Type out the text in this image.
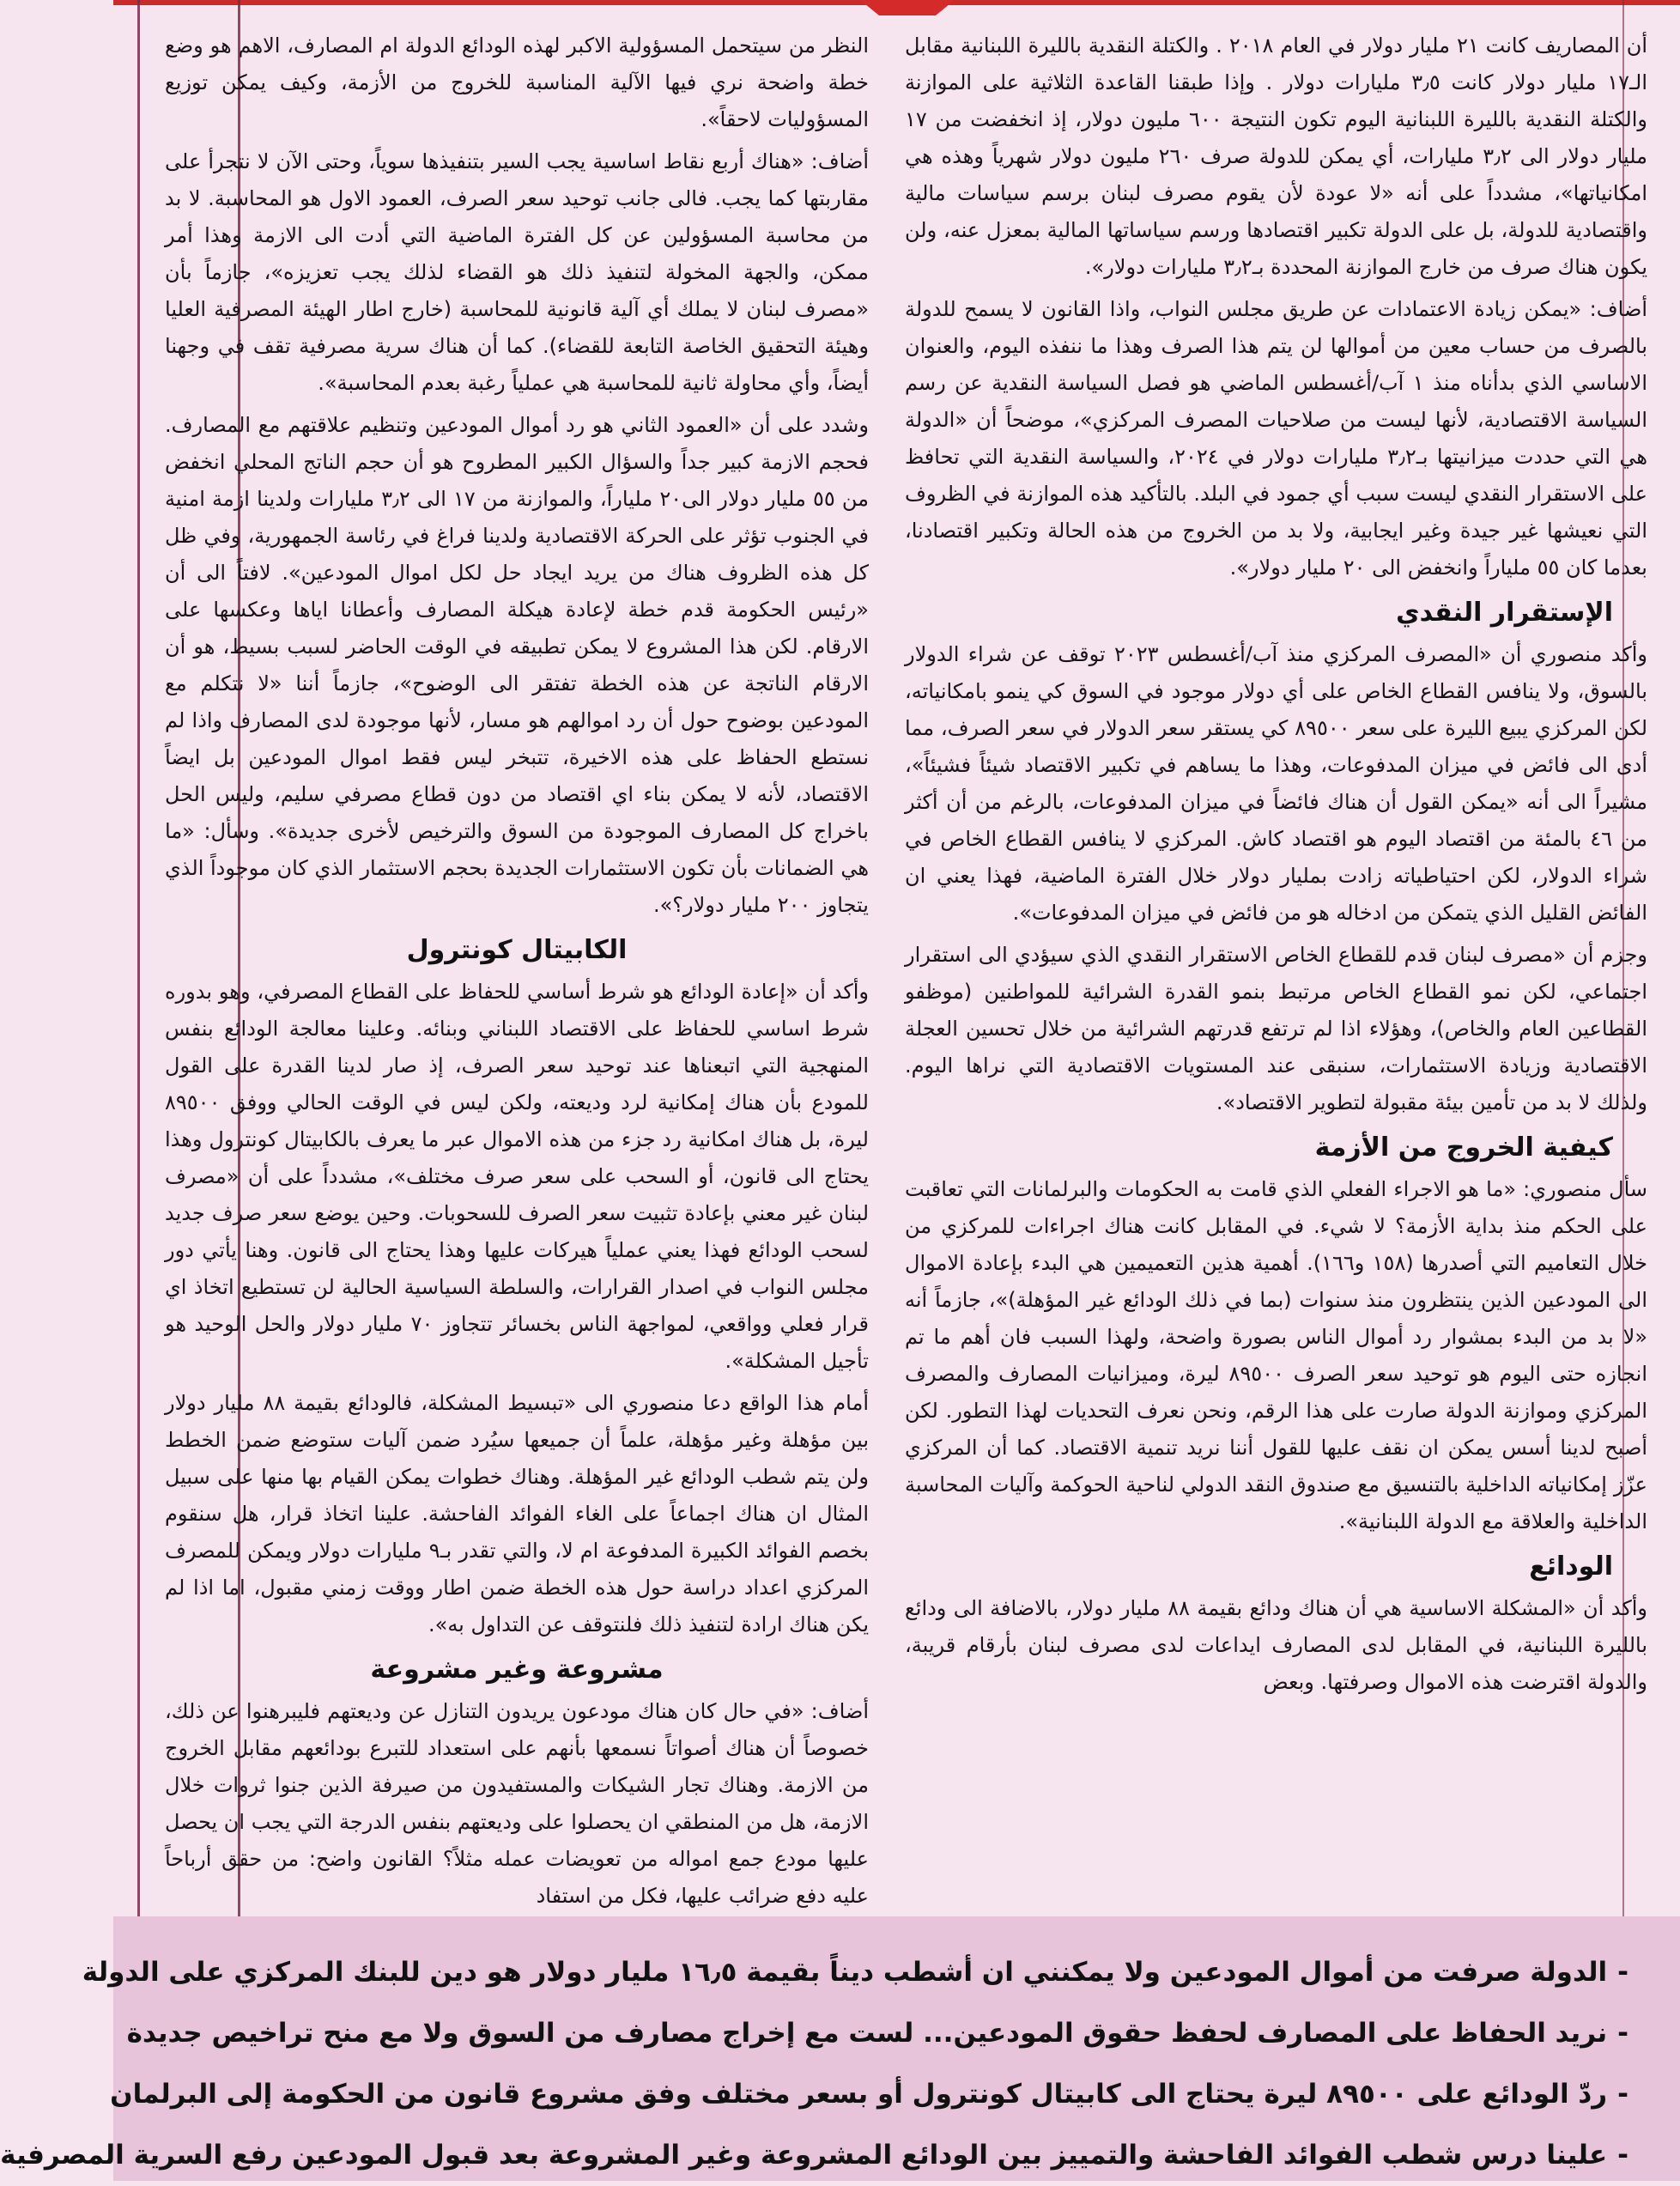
أن المصاريف كانت ٢١ مليار دولار في العام ٢٠١٨ . والكتلة النقدية بالليرة اللبنانية مقابل الـ١٧ مليار دولار كانت ٣٫٥ مليارات دولار . وإذا طبقنا القاعدة الثلاثية على الموازنة والكتلة النقدية بالليرة اللبنانية اليوم تكون النتيجة ٦٠٠ مليون دولار، إذ انخفضت من ١٧ مليار دولار الى ٣٫٢ مليارات، أي يمكن للدولة صرف ٢٦٠ مليون دولار شهرياً وهذه هي امكانياتها»، مشدداً على أنه «لا عودة لأن يقوم مصرف لبنان برسم سياسات مالية واقتصادية للدولة، بل على الدولة تكبير اقتصادها ورسم سياساتها المالية بمعزل عنه، ولن يكون هناك صرف من خارج الموازنة المحددة بـ٣٫٢ مليارات دولار».

أضاف: «يمكن زيادة الاعتمادات عن طريق مجلس النواب، واذا القانون لا يسمح للدولة بالصرف من حساب معين من أموالها لن يتم هذا الصرف وهذا ما ننفذه اليوم، والعنوان الاساسي الذي بدأناه منذ ١ آب/أغسطس الماضي هو فصل السياسة النقدية عن رسم السياسة الاقتصادية، لأنها ليست من صلاحيات المصرف المركزي»، موضحاً أن «الدولة هي التي حددت ميزانيتها بـ٣٫٢ مليارات دولار في ٢٠٢٤، والسياسة النقدية التي تحافظ على الاستقرار النقدي ليست سبب أي جمود في البلد. بالتأكيد هذه الموازنة في الظروف التي نعيشها غير جيدة وغير ايجابية، ولا بد من الخروج من هذه الحالة وتكبير اقتصادنا، بعدما كان ٥٥ ملياراً وانخفض الى ٢٠ مليار دولار».

الإستقرار النقدي

وأكد منصوري أن «المصرف المركزي منذ آب/أغسطس ٢٠٢٣ توقف عن شراء الدولار بالسوق، ولا ينافس القطاع الخاص على أي دولار موجود في السوق كي ينمو بامكانياته، لكن المركزي يبيع الليرة على سعر ٨٩٥٠٠ كي يستقر سعر الدولار في سعر الصرف، مما أدى الى فائض في ميزان المدفوعات، وهذا ما يساهم في تكبير الاقتصاد شيئاً فشيئاً»، مشيراً الى أنه «يمكن القول أن هناك فائضاً في ميزان المدفوعات، بالرغم من أن أكثر من ٤٦ بالمئة من اقتصاد اليوم هو اقتصاد كاش. المركزي لا ينافس القطاع الخاص في شراء الدولار، لكن احتياطياته زادت بمليار دولار خلال الفترة الماضية، فهذا يعني ان الفائض القليل الذي يتمكن من ادخاله هو من فائض في ميزان المدفوعات».

وجزم أن «مصرف لبنان قدم للقطاع الخاص الاستقرار النقدي الذي سيؤدي الى استقرار اجتماعي، لكن نمو القطاع الخاص مرتبط بنمو القدرة الشرائية للمواطنين (موظفو القطاعين العام والخاص)، وهؤلاء اذا لم ترتفع قدرتهم الشرائية من خلال تحسين العجلة الاقتصادية وزيادة الاستثمارات، سنبقى عند المستويات الاقتصادية التي نراها اليوم. ولذلك لا بد من تأمين بيئة مقبولة لتطوير الاقتصاد».

كيفية الخروج من الأزمة

سأل منصوري: «ما هو الاجراء الفعلي الذي قامت به الحكومات والبرلمانات التي تعاقبت على الحكم منذ بداية الأزمة؟ لا شيء. في المقابل كانت هناك اجراءات للمركزي من خلال التعاميم التي أصدرها (١٥٨ و١٦٦). أهمية هذين التعميمين هي البدء بإعادة الاموال الى المودعين الذين ينتظرون منذ سنوات (بما في ذلك الودائع غير المؤهلة)»، جازماً أنه «لا بد من البدء بمشوار رد أموال الناس بصورة واضحة، ولهذا السبب فان أهم ما تم انجازه حتى اليوم هو توحيد سعر الصرف ٨٩٥٠٠ ليرة، وميزانيات المصارف والمصرف المركزي وموازنة الدولة صارت على هذا الرقم، ونحن نعرف التحديات لهذا التطور. لكن أصبح لدينا أسس يمكن ان نقف عليها للقول أننا نريد تنمية الاقتصاد. كما أن المركزي عزّز إمكانياته الداخلية بالتنسيق مع صندوق النقد الدولي لناحية الحوكمة وآليات المحاسبة الداخلية والعلاقة مع الدولة اللبنانية».

الودائع

وأكد أن «المشكلة الاساسية هي أن هناك ودائع بقيمة ٨٨ مليار دولار، بالاضافة الى ودائع بالليرة اللبنانية، في المقابل لدى المصارف ايداعات لدى مصرف لبنان بأرقام قريبة، والدولة اقترضت هذه الاموال وصرفتها. وبعض

النظر من سيتحمل المسؤولية الاكبر لهذه الودائع الدولة ام المصارف، الاهم هو وضع خطة واضحة نري فيها الآلية المناسبة للخروج من الأزمة، وكيف يمكن توزيع المسؤوليات لاحقاً».

أضاف: «هناك أربع نقاط اساسية يجب السير بتنفيذها سوياً، وحتى الآن لا نتجرأ على مقاربتها كما يجب. فالى جانب توحيد سعر الصرف، العمود الاول هو المحاسبة. لا بد من محاسبة المسؤولين عن كل الفترة الماضية التي أدت الى الازمة وهذا أمر ممكن، والجهة المخولة لتنفيذ ذلك هو القضاء لذلك يجب تعزيزه»، جازماً بأن «مصرف لبنان لا يملك أي آلية قانونية للمحاسبة (خارج اطار الهيئة المصرفية العليا وهيئة التحقيق الخاصة التابعة للقضاء). كما أن هناك سرية مصرفية تقف في وجهنا أيضاً، وأي محاولة ثانية للمحاسبة هي عملياً رغبة بعدم المحاسبة».

وشدد على أن «العمود الثاني هو رد أموال المودعين وتنظيم علاقتهم مع المصارف. فحجم الازمة كبير جداً والسؤال الكبير المطروح هو أن حجم الناتج المحلي انخفض من ٥٥ مليار دولار الى٢٠ ملياراً، والموازنة من ١٧ الى ٣٫٢ مليارات ولدينا ازمة امنية في الجنوب تؤثر على الحركة الاقتصادية ولدينا فراغ في رئاسة الجمهورية، وفي ظل كل هذه الظروف هناك من يريد ايجاد حل لكل اموال المودعين». لافتاً الى أن «رئيس الحكومة قدم خطة لإعادة هيكلة المصارف وأعطانا اياها وعكسها على الارقام. لكن هذا المشروع لا يمكن تطبيقه في الوقت الحاضر لسبب بسيط، هو أن الارقام الناتجة عن هذه الخطة تفتقر الى الوضوح»، جازماً أننا «لا نتكلم مع المودعين بوضوح حول أن رد اموالهم هو مسار، لأنها موجودة لدى المصارف واذا لم نستطع الحفاظ على هذه الاخيرة، تتبخر ليس فقط اموال المودعين بل ايضاً الاقتصاد، لأنه لا يمكن بناء اي اقتصاد من دون قطاع مصرفي سليم، وليس الحل باخراج كل المصارف الموجودة من السوق والترخيص لأخرى جديدة». وسأل: «ما هي الضمانات بأن تكون الاستثمارات الجديدة بحجم الاستثمار الذي كان موجوداً الذي يتجاوز ٢٠٠ مليار دولار؟».

الكابيتال كونترول

وأكد أن «إعادة الودائع هو شرط أساسي للحفاظ على القطاع المصرفي، وهو بدوره شرط اساسي للحفاظ على الاقتصاد اللبناني وبنائه. وعلينا معالجة الودائع بنفس المنهجية التي اتبعناها عند توحيد سعر الصرف، إذ صار لدينا القدرة على القول للمودع بأن هناك إمكانية لرد وديعته، ولكن ليس في الوقت الحالي ووفق ٨٩٥٠٠ ليرة، بل هناك امكانية رد جزء من هذه الاموال عبر ما يعرف بالكابيتال كونترول وهذا يحتاج الى قانون، أو السحب على سعر صرف مختلف»، مشدداً على أن «مصرف لبنان غير معني بإعادة تثبيت سعر الصرف للسحوبات. وحين يوضع سعر صرف جديد لسحب الودائع فهذا يعني عملياً هيركات عليها وهذا يحتاج الى قانون. وهنا يأتي دور مجلس النواب في اصدار القرارات، والسلطة السياسية الحالية لن تستطيع اتخاذ اي قرار فعلي وواقعي، لمواجهة الناس بخسائر تتجاوز ٧٠ مليار دولار والحل الوحيد هو تأجيل المشكلة».

أمام هذا الواقع دعا منصوري الى «تبسيط المشكلة، فالودائع بقيمة ٨٨ مليار دولار بين مؤهلة وغير مؤهلة، علماً أن جميعها سيُرد ضمن آليات ستوضع ضمن الخطط ولن يتم شطب الودائع غير المؤهلة. وهناك خطوات يمكن القيام بها منها على سبيل المثال ان هناك اجماعاً على الغاء الفوائد الفاحشة. علينا اتخاذ قرار، هل سنقوم بخصم الفوائد الكبيرة المدفوعة ام لا، والتي تقدر بـ٩ مليارات دولار ويمكن للمصرف المركزي اعداد دراسة حول هذه الخطة ضمن اطار ووقت زمني مقبول، اما اذا لم يكن هناك ارادة لتنفيذ ذلك فلنتوقف عن التداول به».

مشروعة وغير مشروعة

أضاف: «في حال كان هناك مودعون يريدون التنازل عن وديعتهم فليبرهنوا عن ذلك، خصوصاً أن هناك أصواتاً نسمعها بأنهم على استعداد للتبرع بودائعهم مقابل الخروج من الازمة. وهناك تجار الشيكات والمستفيدون من صيرفة الذين جنوا ثروات خلال الازمة، هل من المنطقي ان يحصلوا على وديعتهم بنفس الدرجة التي يجب ان يحصل عليها مودع جمع امواله من تعويضات عمله مثلاً؟ القانون واضح: من حقق أرباحاً عليه دفع ضرائب عليها، فكل من استفاد

-الدولة صرفت من أموال المودعين ولا يمكنني ان أشطب ديناً بقيمة ١٦٫٥ مليار دولار هو دين للبنك المركزي على الدولة
-نريد الحفاظ على المصارف لحفظ حقوق المودعين... لست مع إخراج مصارف من السوق ولا مع منح تراخيص جديدة
-ردّ الودائع على ٨٩٥٠٠ ليرة يحتاج الى كابيتال كونترول أو بسعر مختلف وفق مشروع قانون من الحكومة إلى البرلمان
-علينا درس شطب الفوائد الفاحشة والتمييز بين الودائع المشروعة وغير المشروعة بعد قبول المودعين رفع السرية المصرفية
